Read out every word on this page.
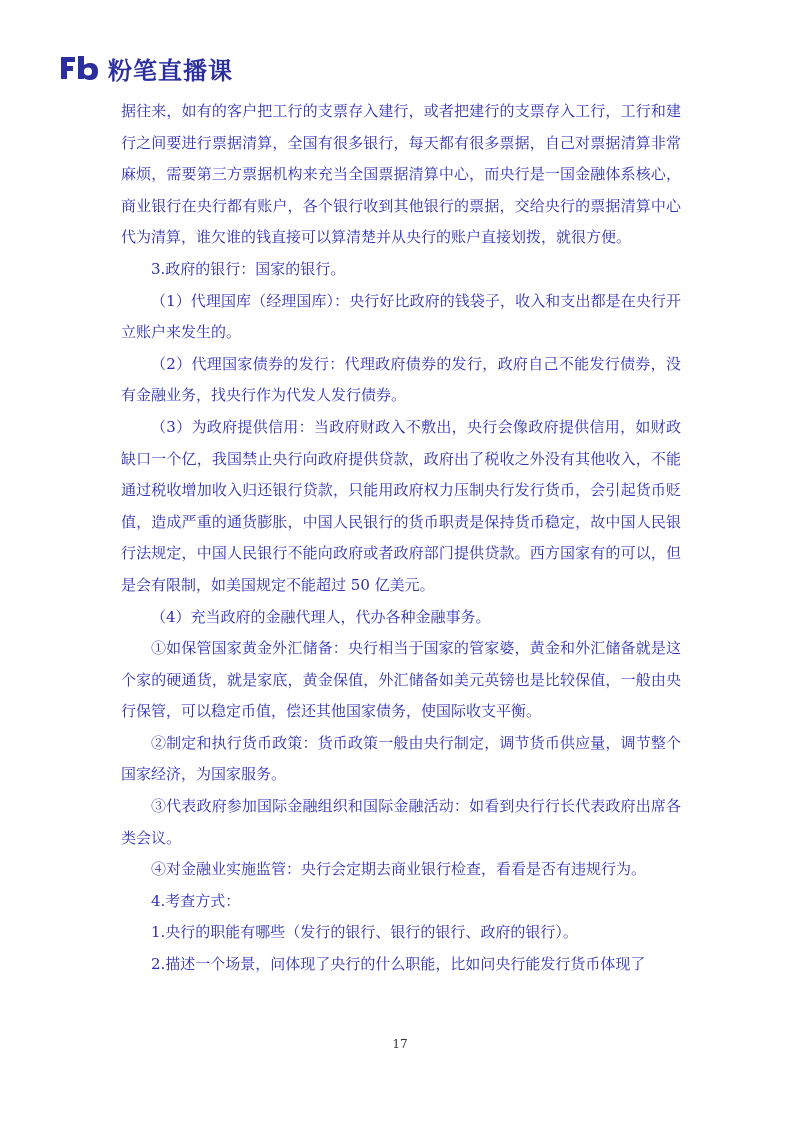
粉笔直播课

据往来，如有的客户把工行的支票存入建行，或者把建行的支票存入工行，工行和建行之间要进行票据清算，全国有很多银行，每天都有很多票据，自己对票据清算非常麻烦，需要第三方票据机构来充当全国票据清算中心，而央行是一国金融体系核心，商业银行在央行都有账户，各个银行收到其他银行的票据，交给央行的票据清算中心代为清算，谁欠谁的钱直接可以算清楚并从央行的账户直接划拨，就很方便。

3.政府的银行：国家的银行。

（1）代理国库（经理国库）：央行好比政府的钱袋子，收入和支出都是在央行开立账户来发生的。

（2）代理国家债券的发行：代理政府债券的发行，政府自己不能发行债券，没有金融业务，找央行作为代发人发行债券。

（3）为政府提供信用：当政府财政入不敷出，央行会像政府提供信用，如财政缺口一个亿，我国禁止央行向政府提供贷款，政府出了税收之外没有其他收入，不能通过税收增加收入归还银行贷款，只能用政府权力压制央行发行货币，会引起货币贬值，造成严重的通货膨胀，中国人民银行的货币职责是保持货币稳定，故中国人民银行法规定，中国人民银行不能向政府或者政府部门提供贷款。西方国家有的可以，但是会有限制，如美国规定不能超过 50 亿美元。

（4）充当政府的金融代理人，代办各种金融事务。

①如保管国家黄金外汇储备：央行相当于国家的管家婆，黄金和外汇储备就是这个家的硬通货，就是家底，黄金保值，外汇储备如美元英镑也是比较保值，一般由央行保管，可以稳定币值，偿还其他国家债务，使国际收支平衡。

②制定和执行货币政策：货币政策一般由央行制定，调节货币供应量，调节整个国家经济，为国家服务。

③代表政府参加国际金融组织和国际金融活动：如看到央行行长代表政府出席各类会议。

④对金融业实施监管：央行会定期去商业银行检查，看看是否有违规行为。

4.考查方式：

1.央行的职能有哪些（发行的银行、银行的银行、政府的银行）。

2.描述一个场景，问体现了央行的什么职能，比如问央行能发行货币体现了

17
